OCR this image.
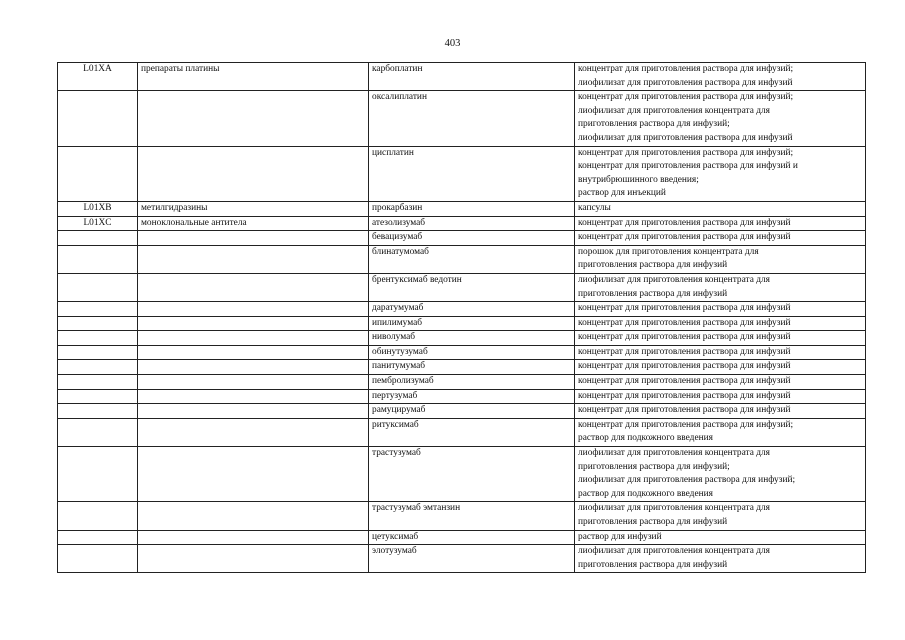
403
L01XA	препараты платины	карбоплатин	концентрат для приготовления раствора для инфузий;
лиофилизат для приготовления раствора для инфузий

		оксалиплатин	концентрат для приготовления раствора для инфузий;
лиофилизат для приготовления концентрата для
приготовления раствора для инфузий;
лиофилизат для приготовления раствора для инфузий

		цисплатин	концентрат для приготовления раствора для инфузий;
концентрат для приготовления раствора для инфузий и
внутрибрюшинного введения;
раствор для инъекций

L01XB	метилгидразины	прокарбазин	капсулы

L01XC	моноклональные антитела	атезолизумаб	концентрат для приготовления раствора для инфузий

		бевацизумаб	концентрат для приготовления раствора для инфузий

		блинатумомаб	порошок для приготовления концентрата для
приготовления раствора для инфузий

		брентуксимаб ведотин	лиофилизат для приготовления концентрата для
приготовления раствора для инфузий

		даратумумаб	концентрат для приготовления раствора для инфузий

		ипилимумаб	концентрат для приготовления раствора для инфузий

		ниволумаб	концентрат для приготовления раствора для инфузий

		обинутузумаб	концентрат для приготовления раствора для инфузий

		панитумумаб	концентрат для приготовления раствора для инфузий

		пембролизумаб	концентрат для приготовления раствора для инфузий

		пертузумаб	концентрат для приготовления раствора для инфузий

		рамуцирумаб	концентрат для приготовления раствора для инфузий

		ритуксимаб	концентрат для приготовления раствора для инфузий;
раствор для подкожного введения

		трастузумаб	лиофилизат для приготовления концентрата для
приготовления раствора для инфузий;
лиофилизат для приготовления раствора для инфузий;
раствор для подкожного введения

		трастузумаб эмтанзин	лиофилизат для приготовления концентрата для
приготовления раствора для инфузий

		цетуксимаб	раствор для инфузий

		элотузумаб	лиофилизат для приготовления концентрата для
приготовления раствора для инфузий
